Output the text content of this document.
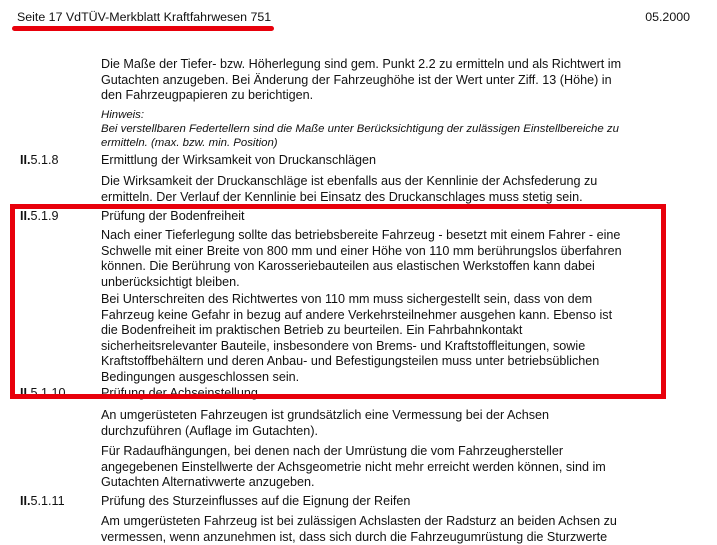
Seite 17 VdTÜV-Merkblatt Kraftfahrwesen 751	05.2000
Die Maße der Tiefer- bzw. Höherlegung sind gem. Punkt 2.2 zu ermitteln und als Richtwert im
Gutachten anzugeben. Bei Änderung der Fahrzeughöhe ist der Wert unter Ziff. 13 (Höhe) in
den Fahrzeugpapieren zu berichtigen.
Hinweis:
Bei verstellbaren Federtellern sind die Maße unter Berücksichtigung der zulässigen Einstellbereiche zu
ermitteln. (max. bzw. min. Position)
II.5.1.8	Ermittlung der Wirksamkeit von Druckanschlägen
Die Wirksamkeit der Druckanschläge ist ebenfalls aus der Kennlinie der Achsfederung zu
ermitteln. Der Verlauf der Kennlinie bei Einsatz des Druckanschlages muss stetig sein.
II.5.1.9	Prüfung der Bodenfreiheit
Nach einer Tieferlegung sollte das betriebsbereite Fahrzeug - besetzt mit einem Fahrer - eine
Schwelle mit einer Breite von 800 mm und einer Höhe von 110 mm berührungslos überfahren
können. Die Berührung von Karosseriebauteilen aus elastischen Werkstoffen kann dabei
unberücksichtigt bleiben.
Bei Unterschreiten des Richtwertes von 110 mm muss sichergestellt sein, dass von dem
Fahrzeug keine Gefahr in bezug auf andere Verkehrsteilnehmer ausgehen kann. Ebenso ist
die Bodenfreiheit im praktischen Betrieb zu beurteilen. Ein Fahrbahnkontakt
sicherheitsrelevanter Bauteile, insbesondere von Brems- und Kraftstoffleitungen, sowie
Kraftstoffbehältern und deren Anbau- und Befestigungsteilen muss unter betriebsüblichen
Bedingungen ausgeschlossen sein.
II.5.1.10	Prüfung der Achseinstellung
An umgerüsteten Fahrzeugen ist grundsätzlich eine Vermessung bei der Achsen
durchzuführen (Auflage im Gutachten).
Für Radaufhängungen, bei denen nach der Umrüstung die vom Fahrzeughersteller
angegebenen Einstellwerte der Achsgeometrie nicht mehr erreicht werden können, sind im
Gutachten Alternativwerte anzugeben.
II.5.1.11	Prüfung des Sturzeinflusses auf die Eignung der Reifen
Am umgerüsteten Fahrzeug ist bei zulässigen Achslasten der Radsturz an beiden Achsen zu
vermessen, wenn anzunehmen ist, dass sich durch die Fahrzeugumrüstung die Sturzwerte
